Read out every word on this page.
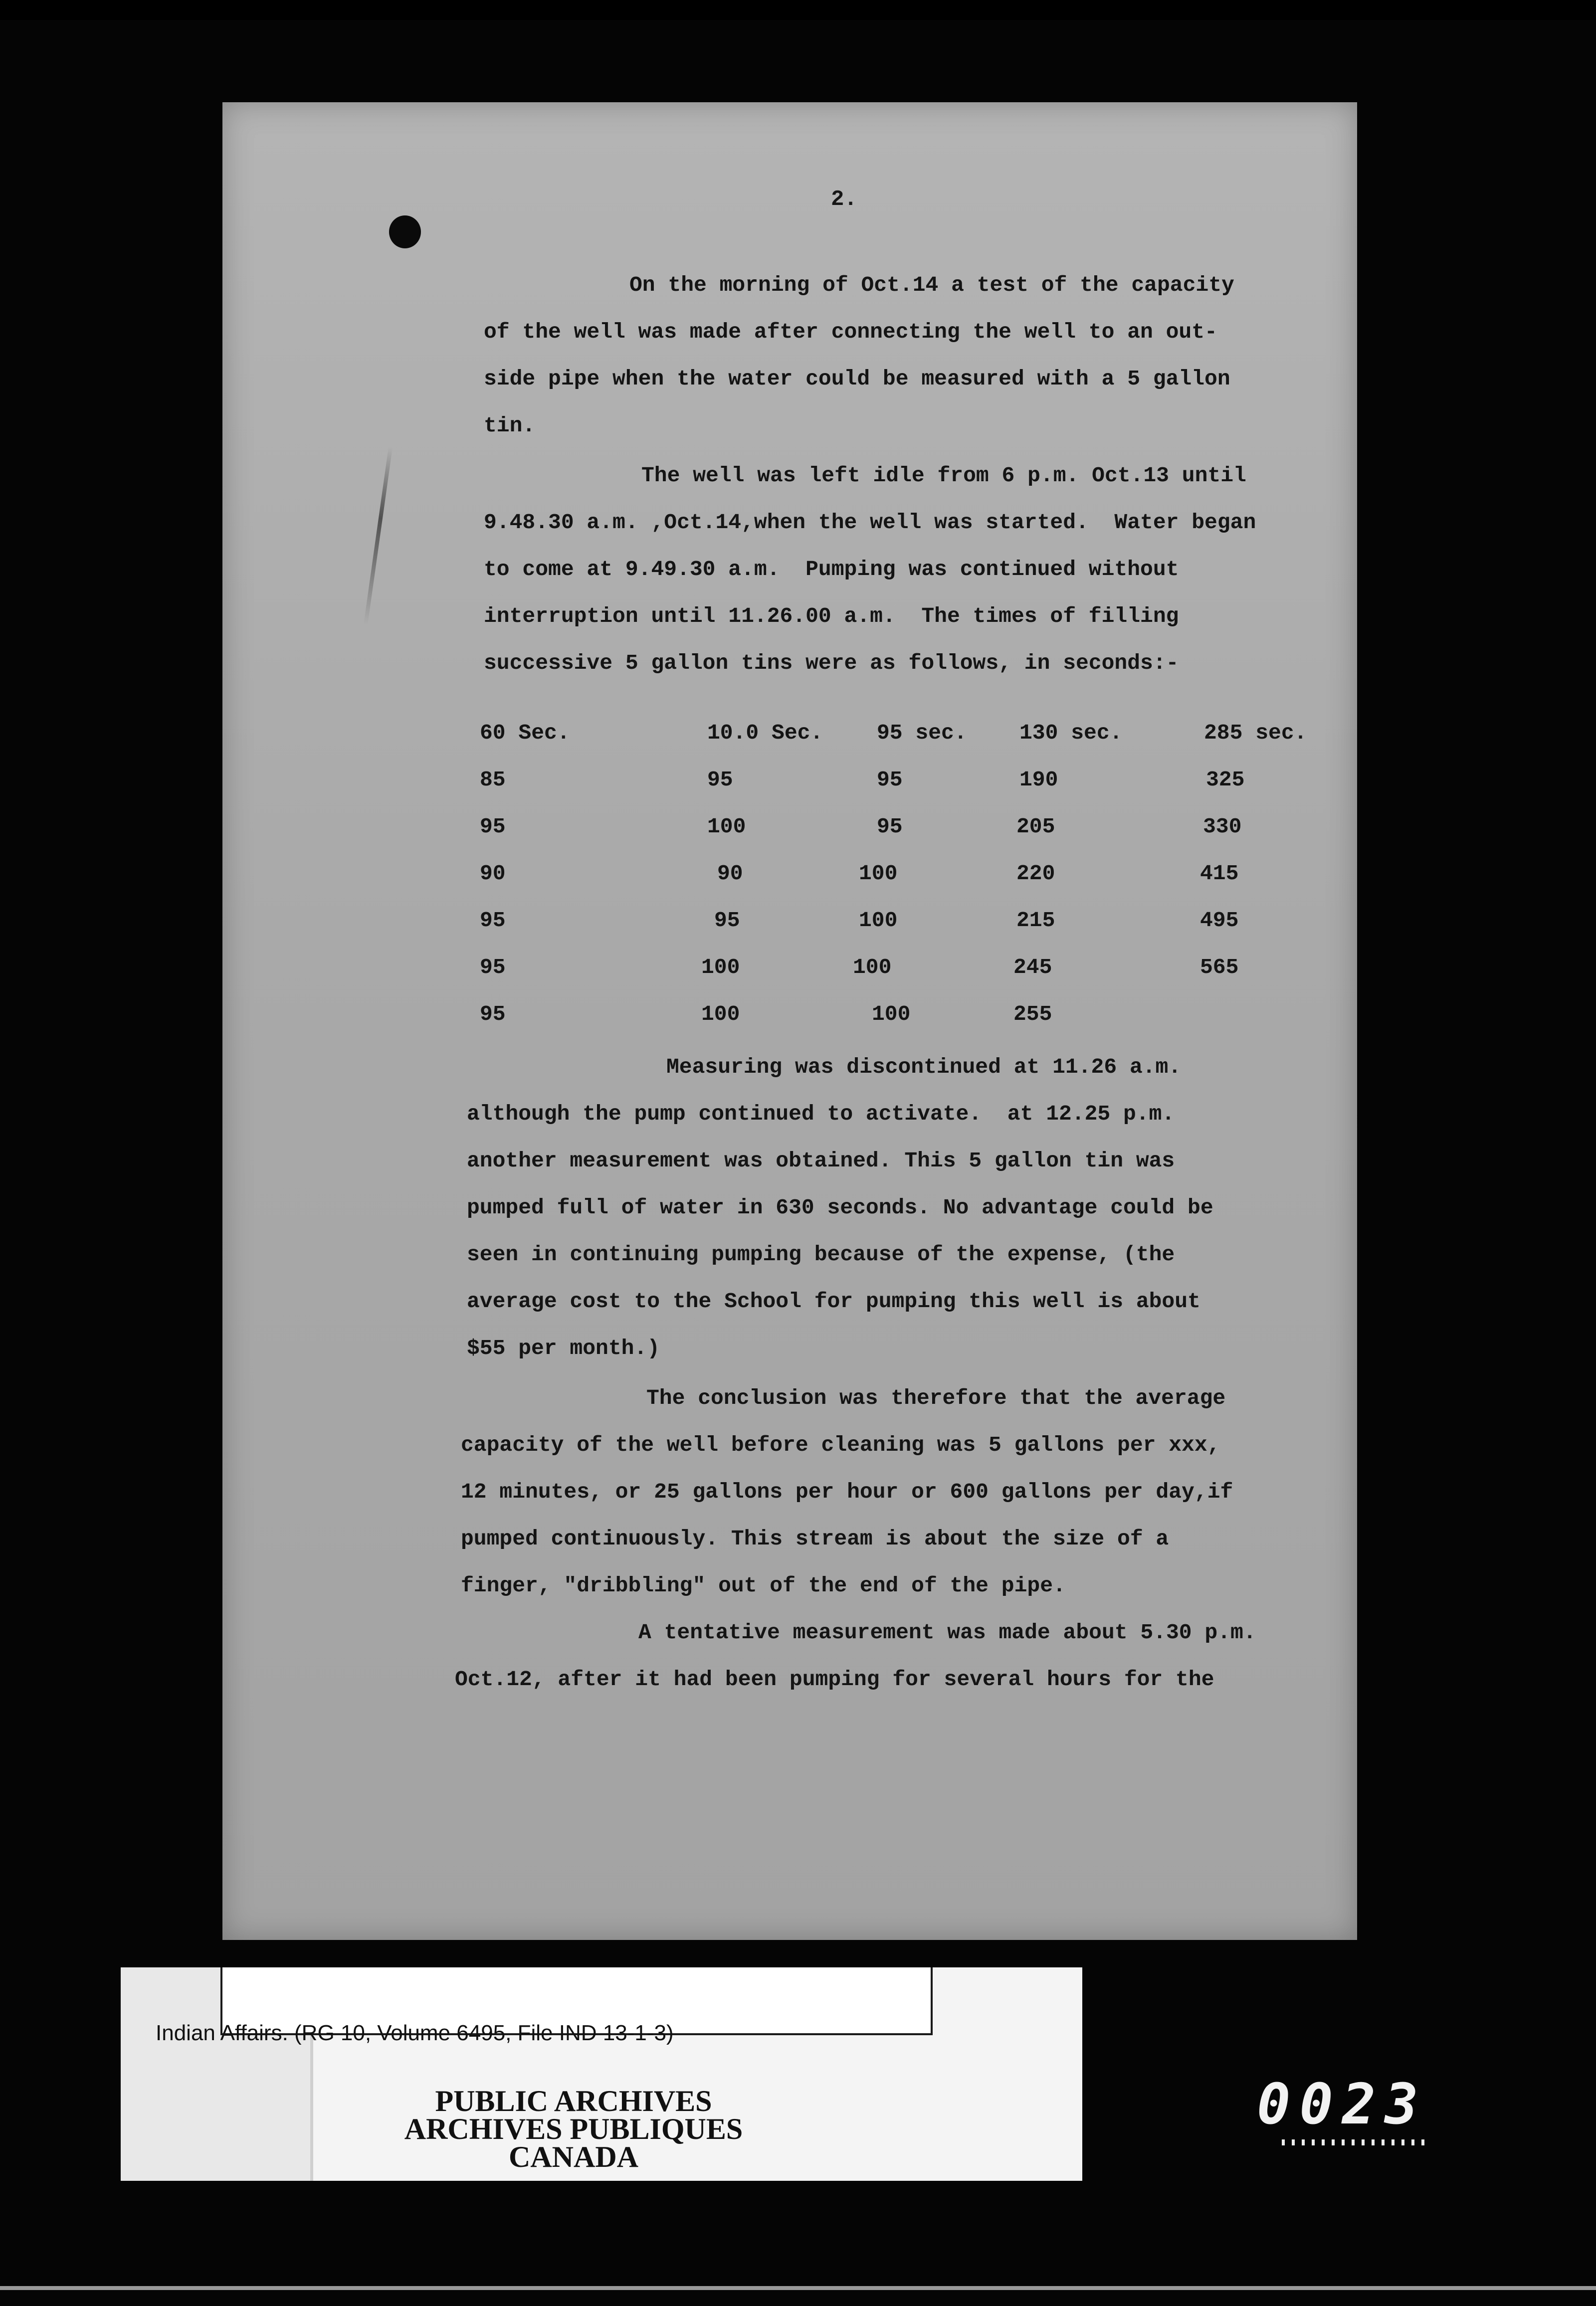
2.

On the morning of Oct.14 a test of the capacity

of the well was made after connecting the well to an out-

side pipe when the water could be measured with a 5 gallon

tin.

The well was left idle from 6 p.m. Oct.13 until

9.48.30 a.m. ,Oct.14,when the well was started.  Water began

to come at 9.49.30 a.m.  Pumping was continued without

interruption until 11.26.00 a.m.  The times of filling

successive 5 gallon tins were as follows, in seconds:-

60 Sec.
85
95
90
95
95
95
10.0 Sec.
95
100
90
95
100
100
95 sec.
95
95
100
100
100
100
130 sec.
190
205
220
215
245
255
285 sec.
325
330
415
495
565

Measuring was discontinued at 11.26 a.m.

although the pump continued to activate.  at 12.25 p.m.

another measurement was obtained. This 5 gallon tin was

pumped full of water in 630 seconds. No advantage could be

seen in continuing pumping because of the expense, (the

average cost to the School for pumping this well is about

$55 per month.)

The conclusion was therefore that the average

capacity of the well before cleaning was 5 gallons per xxx,

12 minutes, or 25 gallons per hour or 600 gallons per day,if

pumped continuously. This stream is about the size of a

finger, "dribbling" out of the end of the pipe.

A tentative measurement was made about 5.30 p.m.

Oct.12, after it had been pumping for several hours for the

Indian Affairs. (RG 10, Volume 6495, File IND 13-1-3)
PUBLIC ARCHIVES
ARCHIVES PUBLIQUES
CANADA
0023
